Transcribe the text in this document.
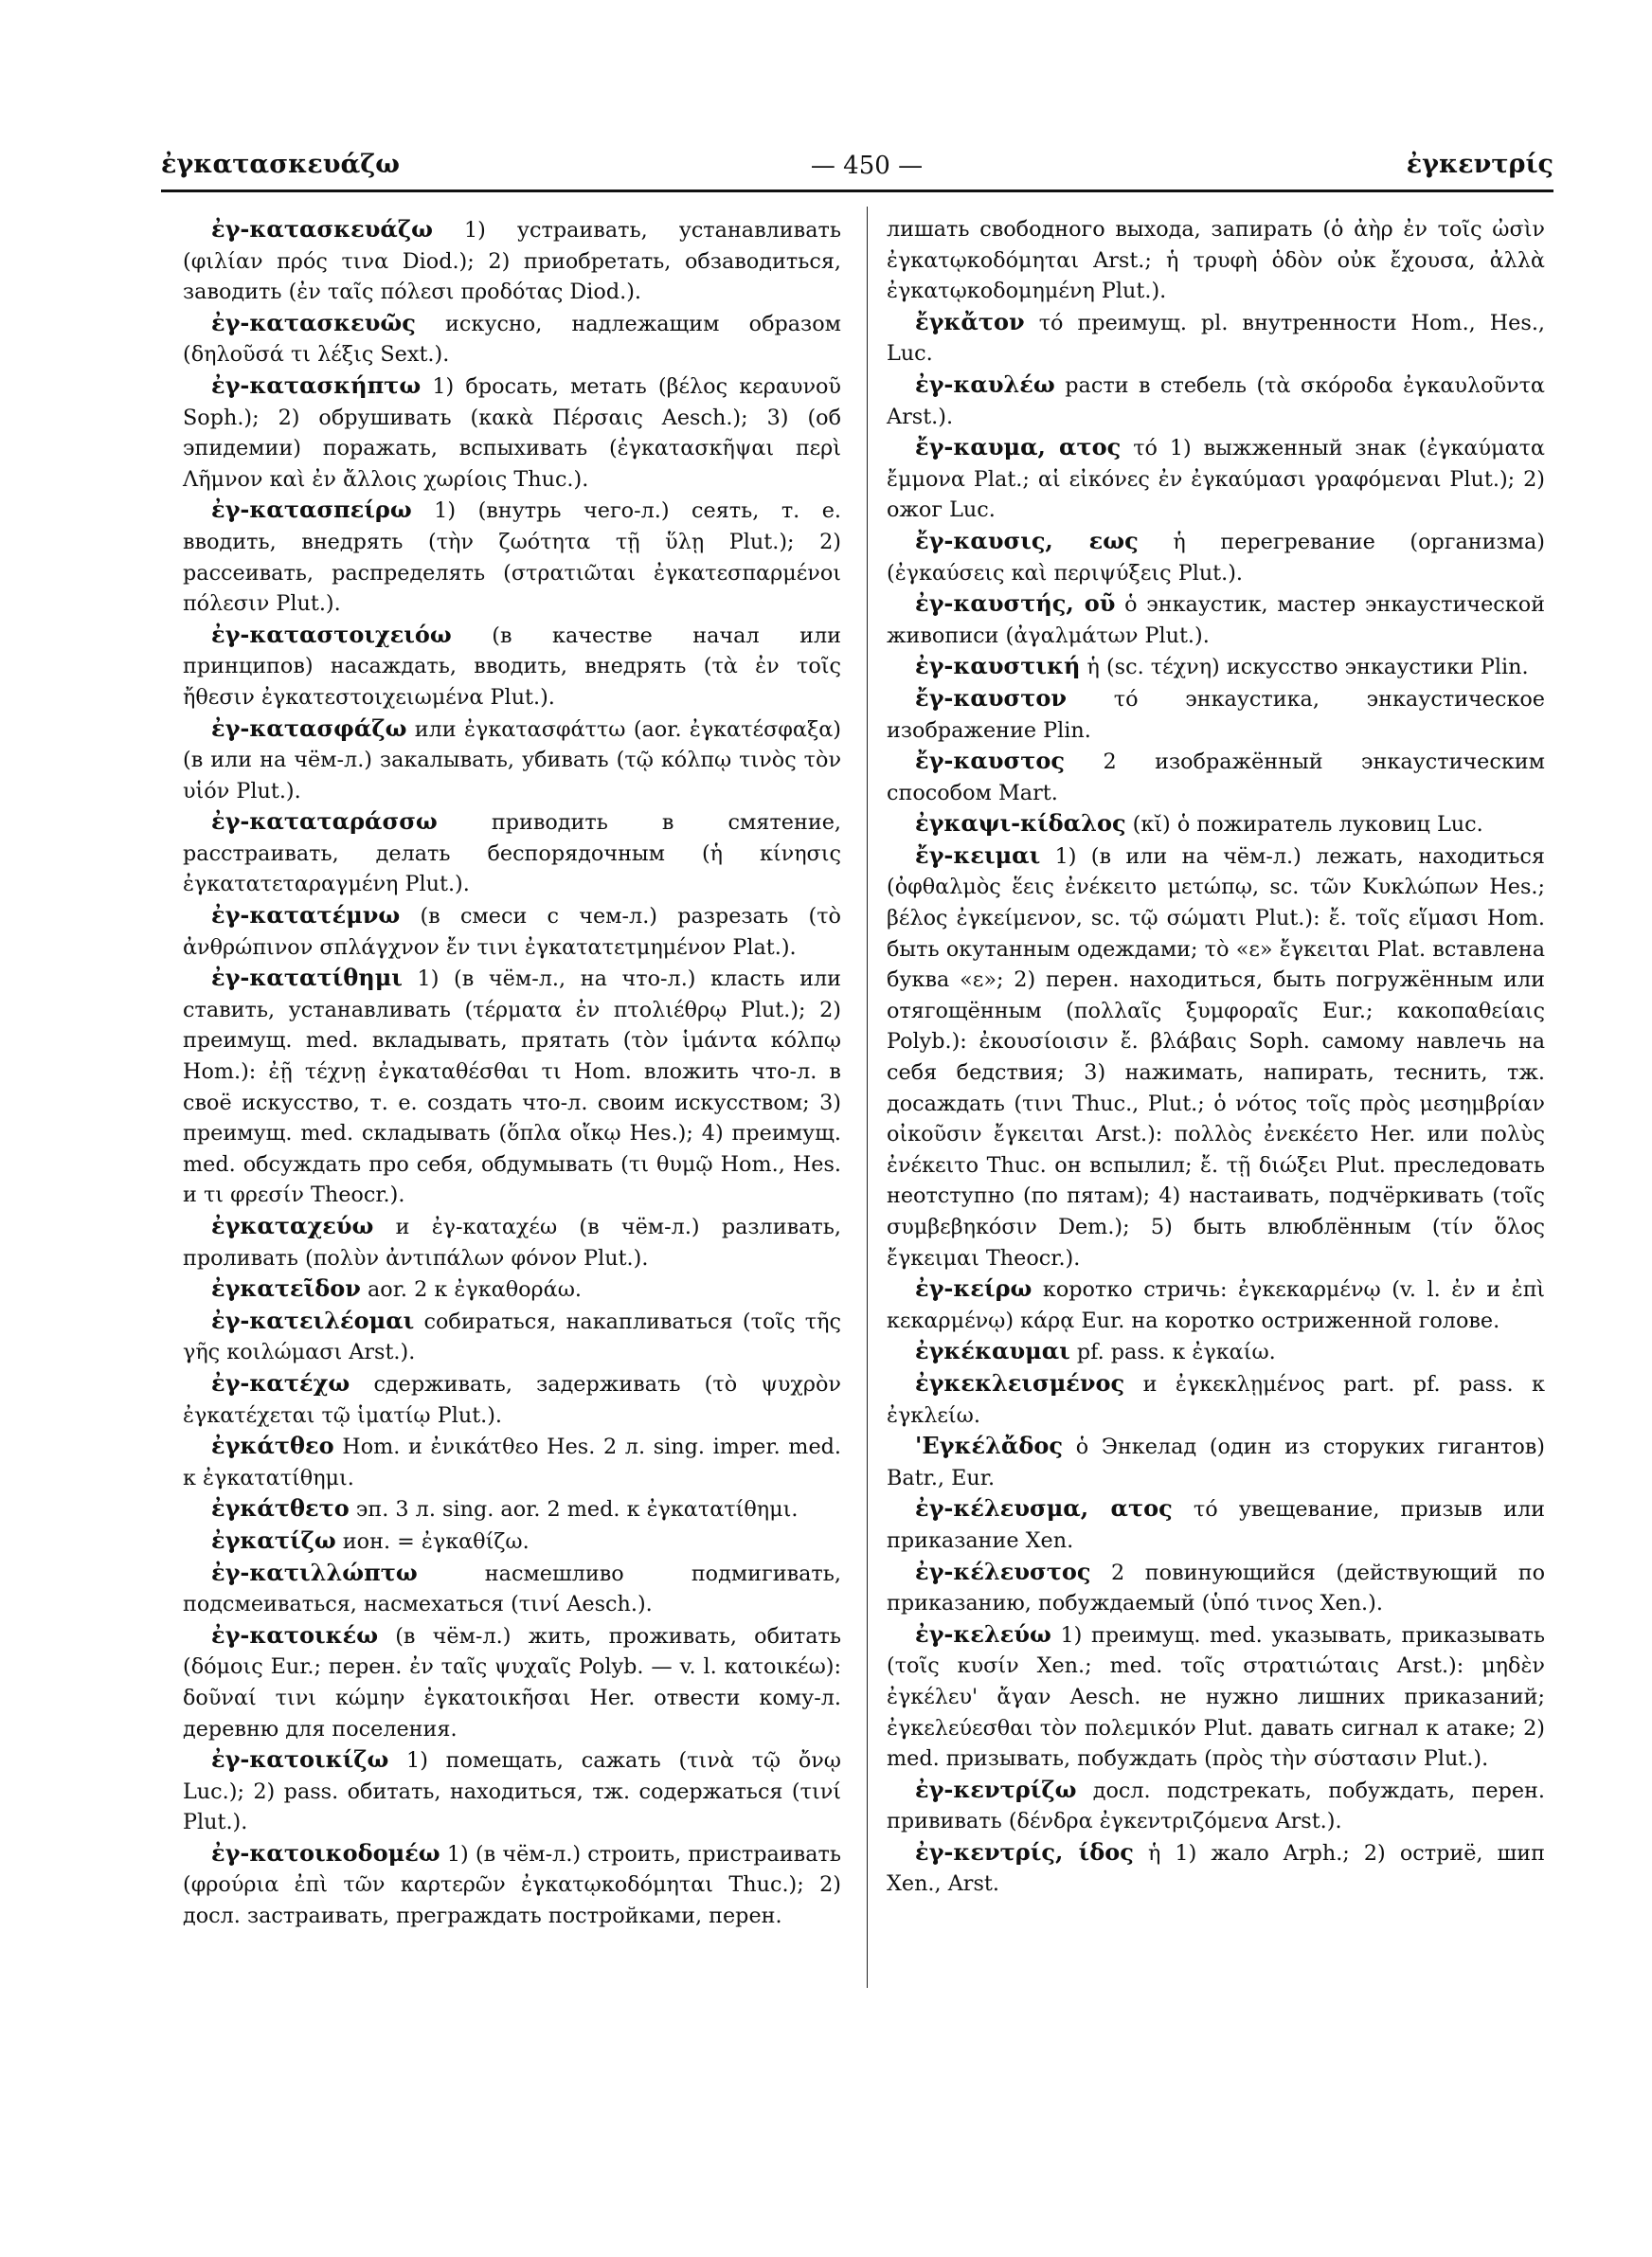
ἐγκατασκευάζω	— 450 —	ἐγκεντρίς

ἐγ-κατασκευάζω 1) устраивать, устанавливать (φιλίαν πρός τινα Diod.); 2) приобретать, обзаводиться, заводить (ἐν ταῖς πόλεσι προδότας Diod.).

ἐγ-κατασκευῶς искусно, надлежащим образом (δηλοῦσά τι λέξις Sext.).

ἐγ-κατασκήπτω 1) бросать, метать (βέλος κεραυνοῦ Soph.); 2) обрушивать (κακὰ Πέρσαις Aesch.); 3) (об эпидемии) поражать, вспыхивать (ἐγκατασκῆψαι περὶ Λῆμνον καὶ ἐν ἄλλοις χωρίοις Thuc.).

ἐγ-κατασπείρω 1) (внутрь чего-л.) сеять, т. е. вводить, внедрять (τὴν ζωότητα τῇ ὕλῃ Plut.); 2) рассеивать, распределять (στρατιῶται ἐγκατεσπαρμένοι πόλεσιν Plut.).

ἐγ-καταστοιχειόω (в качестве начал или принципов) насаждать, вводить, внедрять (τὰ ἐν τοῖς ἤθεσιν ἐγκατεστοιχειωμένα Plut.).

ἐγ-κατασφάζω или ἐγκατασφάττω (aor. ἐγκατέσφαξα) (в или на чём-л.) закалывать, убивать (τῷ κόλπῳ τινὸς τὸν υἱόν Plut.).

ἐγ-καταταράσσω приводить в смятение, расстраивать, делать беспорядочным (ἡ κίνησις ἐγκατατεταραγμένη Plut.).

ἐγ-κατατέμνω (в смеси с чем-л.) разрезать (τὸ ἀνθρώπινον σπλάγχνον ἔν τινι ἐγκατατετμημένον Plat.).

ἐγ-κατατίθημι 1) (в чём-л., на что-л.) класть или ставить, устанавливать (τέρματα ἐν πτολιέθρῳ Plut.); 2) преимущ. med. вкладывать, прятать (τὸν ἱμάντα κόλπῳ Hom.): ἐῇ τέχνῃ ἐγκαταθέσθαι τι Hom. вложить что-л. в своё искусство, т. е. создать что-л. своим искусством; 3) преимущ. med. складывать (ὅπλα οἴκῳ Hes.); 4) преимущ. med. обсуждать про себя, обдумывать (τι θυμῷ Hom., Hes. и τι φρεσίν Theocr.).

ἐγκαταχεύω и ἐγ-καταχέω (в чём-л.) разливать, проливать (πολὺν ἀντιπάλων φόνον Plut.).

ἐγκατεῖδον aor. 2 к ἐγκαθοράω.

ἐγ-κατειλέομαι собираться, накапливаться (τοῖς τῆς γῆς κοιλώμασι Arst.).

ἐγ-κατέχω сдерживать, задерживать (τὸ ψυχρὸν ἐγκατέχεται τῷ ἱματίῳ Plut.).

ἐγκάτθεο Hom. и ἐνικάτθεο Hes. 2 л. sing. imper. med. к ἐγκατατίθημι.

ἐγκάτθετο эп. 3 л. sing. aor. 2 med. к ἐγκατατίθημι.

ἐγκατίζω ион. = ἐγκαθίζω.

ἐγ-κατιλλώπτω насмешливо подмигивать, подсмеиваться, насмехаться (τινί Aesch.).

ἐγ-κατοικέω (в чём-л.) жить, проживать, обитать (δόμοις Eur.; перен. ἐν ταῖς ψυχαῖς Polyb. — v. l. κατοικέω): δοῦναί τινι κώμην ἐγκατοικῆσαι Her. отвести кому-л. деревню для поселения.

ἐγ-κατοικίζω 1) помещать, сажать (τινὰ τῷ ὄνῳ Luc.); 2) pass. обитать, находиться, тж. содержаться (τινί Plut.).

ἐγ-κατοικοδομέω 1) (в чём-л.) строить, пристраивать (φρούρια ἐπὶ τῶν καρτερῶν ἐγκατῳκοδόμηται Thuc.); 2) досл. застраивать, преграждать постройками, перен.

лишать свободного выхода, запирать (ὁ ἀὴρ ἐν τοῖς ὠσὶν ἐγκατῳκοδόμηται Arst.; ἡ τρυφὴ ὁδὸν οὐκ ἔχουσα, ἀλλὰ ἐγκατῳκοδομημένη Plut.).

ἔγκἄτον τό преимущ. pl. внутренности Hom., Hes., Luc.

ἐγ-καυλέω расти в стебель (τὰ σκόροδα ἐγκαυλοῦντα Arst.).

ἔγ-καυμα, ατος τό 1) выжженный знак (ἐγκαύματα ἔμμονα Plat.; αἱ εἰκόνες ἐν ἐγκαύμασι γραφόμεναι Plut.); 2) ожог Luc.

ἔγ-καυσις, εως ἡ перегревание (организма) (ἐγκαύσεις καὶ περιψύξεις Plut.).

ἐγ-καυστής, οῦ ὁ энкаустик, мастер энкаустической живописи (ἀγαλμάτων Plut.).

ἐγ-καυστική ἡ (sc. τέχνη) искусство энкаустики Plin.

ἔγ-καυστον τό энкаустика, энкаустическое изображение Plin.

ἔγ-καυστος 2 изображённый энкаустическим способом Mart.

ἐγκαψι-κίδαλος (κῐ) ὁ пожиратель луковиц Luc.

ἔγ-κειμαι 1) (в или на чём-л.) лежать, находиться (ὀφθαλμὸς ἕεις ἐνέκειτο μετώπῳ, sc. τῶν Κυκλώπων Hes.; βέλος ἐγκείμενον, sc. τῷ σώματι Plut.): ἔ. τοῖς εἵμασι Hom. быть окутанным одеждами; τὸ «ε» ἔγκειται Plat. вставлена буква «ε»; 2) перен. находиться, быть погружённым или отягощённым (πολλαῖς ξυμφοραῖς Eur.; κακοπαθείαις Polyb.): ἐκουσίοισιν ἔ. βλάβαις Soph. самому навлечь на себя бедствия; 3) нажимать, напирать, теснить, тж. досаждать (τινι Thuc., Plut.; ὁ νότος τοῖς πρὸς μεσημβρίαν οἰκοῦσιν ἔγκειται Arst.): πολλὸς ἐνεκέετο Her. или πολὺς ἐνέκειτο Thuc. он вспылил; ἔ. τῇ διώξει Plut. преследовать неотступно (по пятам); 4) настаивать, подчёркивать (τοῖς συμβεβηκόσιν Dem.); 5) быть влюблённым (τίν ὅλος ἔγκειμαι Theocr.).

ἐγ-κείρω коротко стричь: ἐγκεκαρμένῳ (v. l. ἐν и ἐπὶ κεκαρμένῳ) κάρᾳ Eur. на коротко остриженной голове.

ἐγκέκαυμαι pf. pass. к ἐγκαίω.

ἐγκεκλεισμένος и ἐγκεκλῃμένος part. pf. pass. к ἐγκλείω.

'Εγκέλἄδος ὁ Энкелад (один из сторуких гигантов) Batr., Eur.

ἐγ-κέλευσμα, ατος τό увещевание, призыв или приказание Xen.

ἐγ-κέλευστος 2 повинующийся (действующий по приказанию, побуждаемый (ὑπό τινος Xen.).

ἐγ-κελεύω 1) преимущ. med. указывать, приказывать (τοῖς κυσίν Xen.; med. τοῖς στρατιώταις Arst.): μηδὲν ἐγκέλευ' ἄγαν Aesch. не нужно лишних приказаний; ἐγκελεύεσθαι τὸν πολεμικόν Plut. давать сигнал к атаке; 2) med. призывать, побуждать (πρὸς τὴν σύστασιν Plut.).

ἐγ-κεντρίζω досл. подстрекать, побуждать, перен. прививать (δένδρα ἐγκεντριζόμενα Arst.).

ἐγ-κεντρίς, ίδος ἡ 1) жало Arph.; 2) остриё, шип Xen., Arst.
